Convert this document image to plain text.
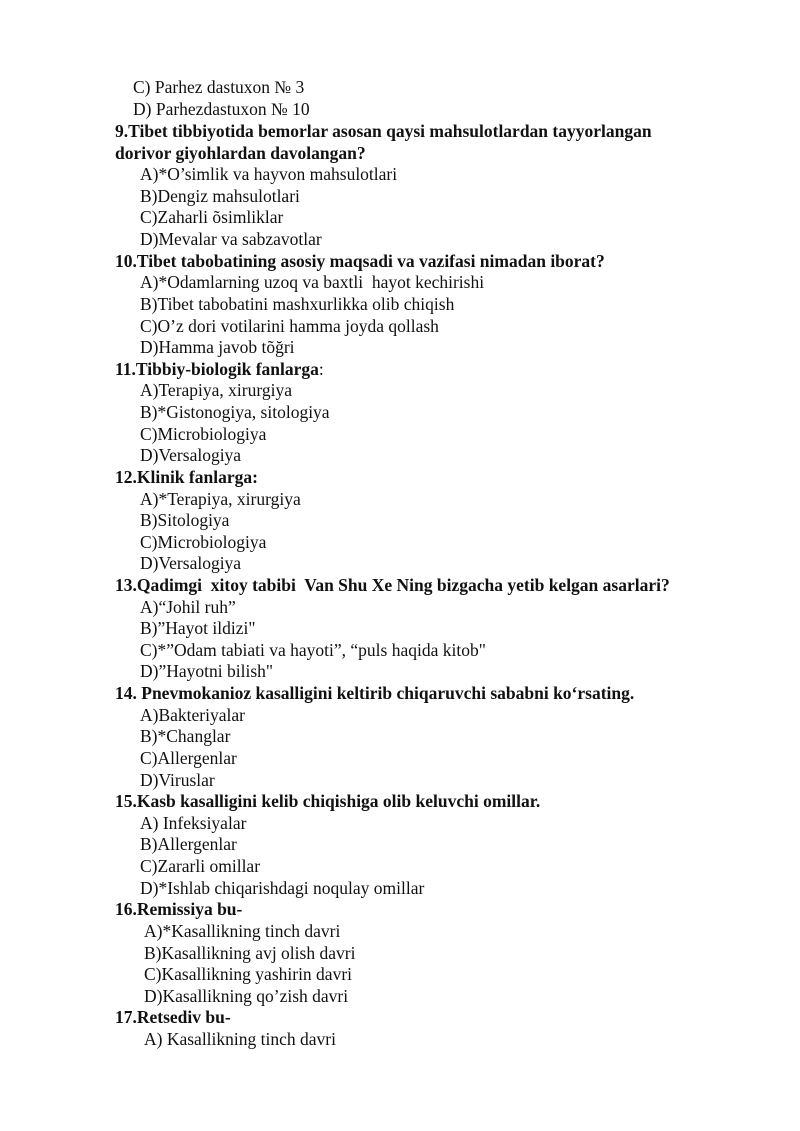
C) Parhez dastuxon № 3
D) Parhezdastuxon № 10
9.Tibet tibbiyotida bemorlar asosan qaysi mahsulotlardan tayyorlangan
dorivor giyohlardan davolangan?
A)*O’simlik va hayvon mahsulotlari
B)Dengiz mahsulotlari
C)Zaharli õsimliklar
D)Mevalar va sabzavotlar
10.Tibet tabobatining asosiy maqsadi va vazifasi nimadan iborat?
A)*Odamlarning uzoq va baxtli  hayot kechirishi
B)Tibet tabobatini mashxurlikka olib chiqish
C)O’z dori votilarini hamma joyda qollash
D)Hamma javob tõğri
11.Tibbiy-biologik fanlarga:
A)Terapiya, xirurgiya
B)*Gistonogiya, sitologiya
C)Microbiologiya
D)Versalogiya
12.Klinik fanlarga:
A)*Terapiya, xirurgiya
B)Sitologiya
C)Microbiologiya
D)Versalogiya
13.Qadimgi  xitoy tabibi  Van Shu Xe Ning bizgacha yetib kelgan asarlari?
A)“Johil ruh”
B)”Hayot ildizi"
C)*”Odam tabiati va hayoti”, “puls haqida kitob"
D)”Hayotni bilish"
14. Pnevmokanioz kasalligini keltirib chiqaruvchi sababni ko‘rsating.
A)Bakteriyalar
B)*Changlar
C)Allergenlar
D)Viruslar
15.Kasb kasalligini kelib chiqishiga olib keluvchi omillar.
A) Infeksiyalar
B)Allergenlar
C)Zararli omillar
D)*Ishlab chiqarishdagi noqulay omillar
16.Remissiya bu-
A)*Kasallikning tinch davri
B)Kasallikning avj olish davri
C)Kasallikning yashirin davri
D)Kasallikning qo’zish davri
17.Retsediv bu-
A) Kasallikning tinch davri
